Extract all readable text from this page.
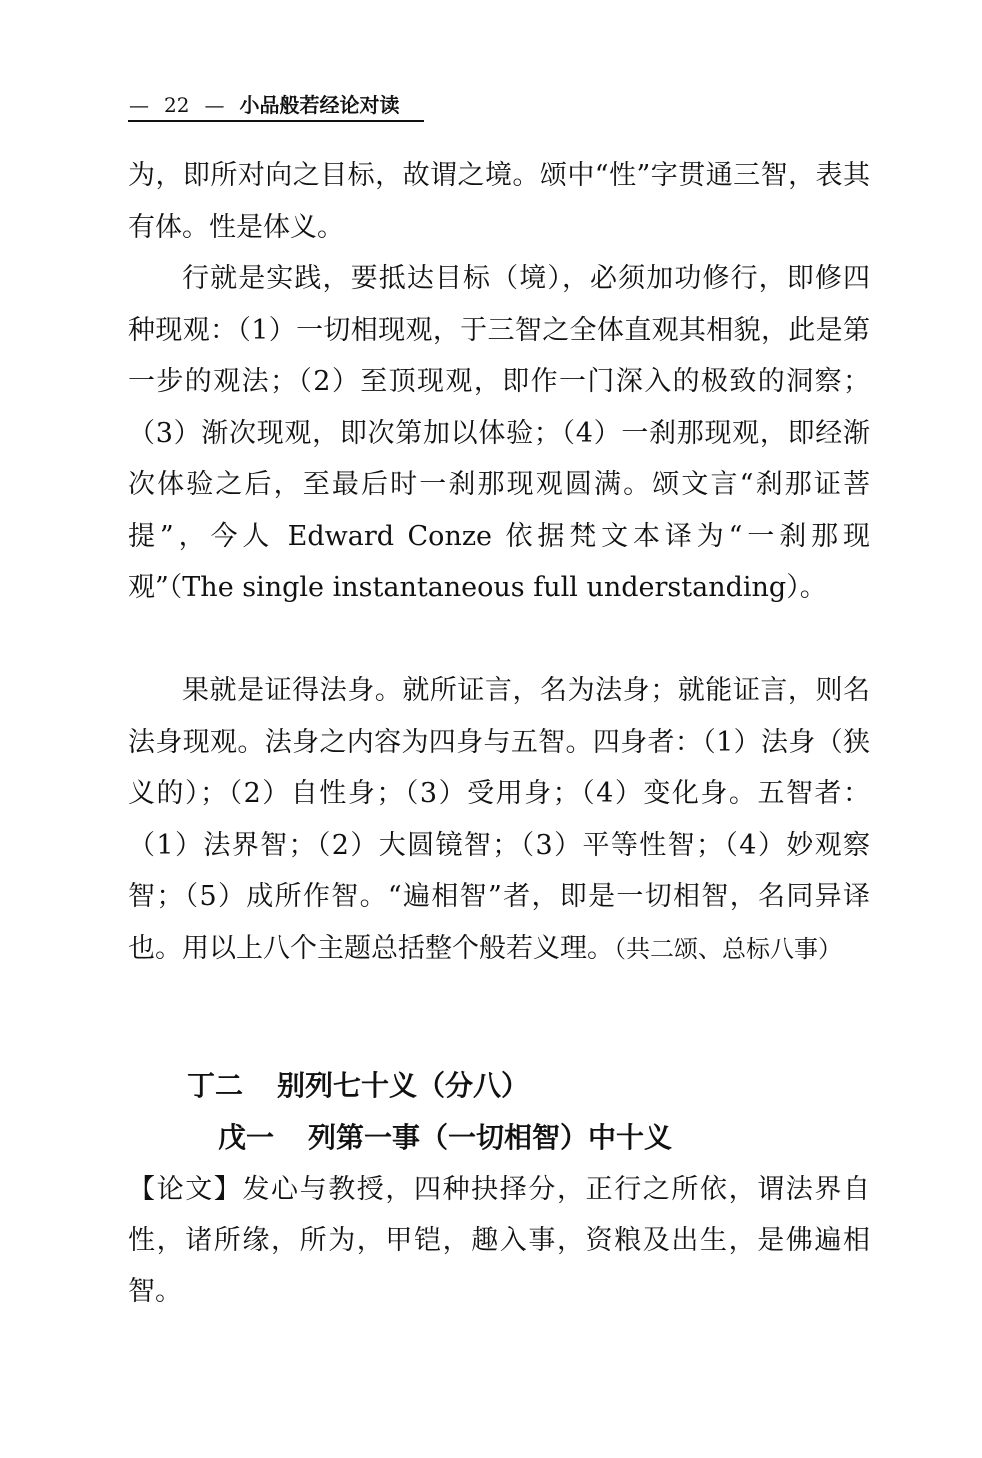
— 22 — 小品般若经论对读

为，即所对向之目标，故谓之境。颂中“性”字贯通三智，表其有体。性是体义。

行就是实践，要抵达目标（境），必须加功修行，即修四种现观：（1）一切相现观，于三智之全体直观其相貌，此是第一步的观法；（2）至顶现观，即作一门深入的极致的洞察；（3）渐次现观，即次第加以体验；（4）一刹那现观，即经渐次体验之后，至最后时一刹那现观圆满。颂文言“刹那证菩提”，今人 Edward Conze 依据梵文本译为“一刹那现观”（The single instantaneous full understanding）。

果就是证得法身。就所证言，名为法身；就能证言，则名法身现观。法身之内容为四身与五智。四身者：（1）法身（狭义的）；（2）自性身；（3）受用身；（4）变化身。五智者：（1）法界智；（2）大圆镜智；（3）平等性智；（4）妙观察智；（5）成所作智。“遍相智”者，即是一切相智，名同异译也。用以上八个主题总括整个般若义理。（共二颂、总标八事）

丁二 别列七十义（分八）
戊一 列第一事（一切相智）中十义

【论文】发心与教授，四种抉择分，正行之所依，谓法界自性，诸所缘，所为，甲铠，趣入事，资粮及出生，是佛遍相智。
